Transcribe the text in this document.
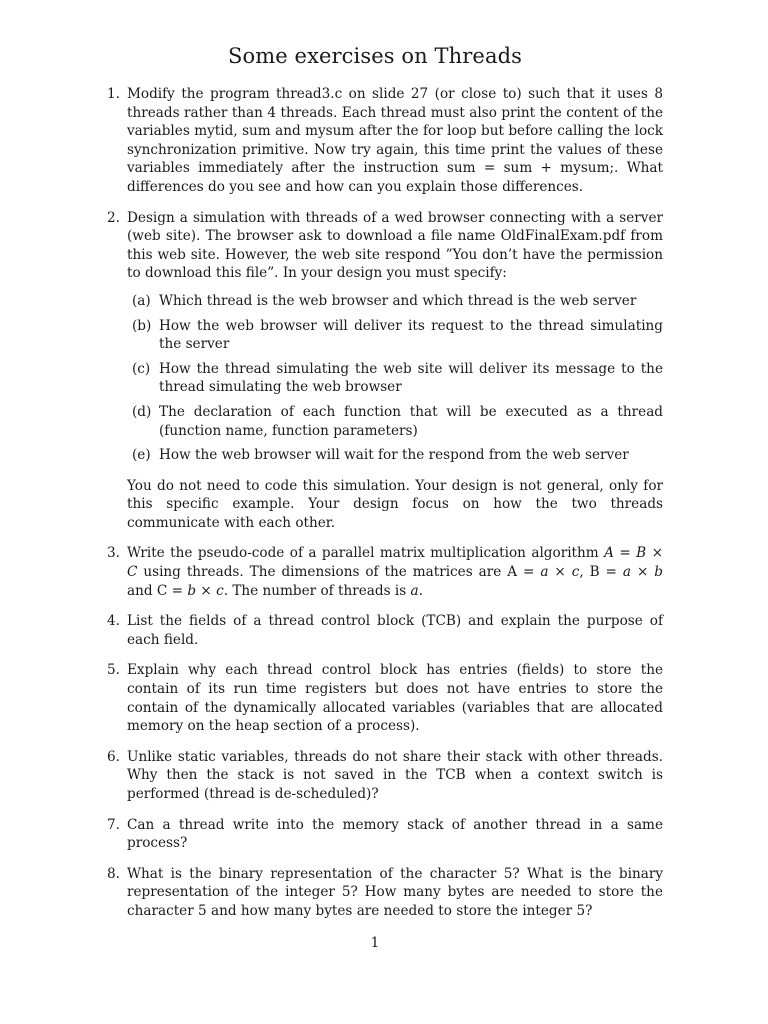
Some exercises on Threads
1. Modify the program thread3.c on slide 27 (or close to) such that it uses 8 threads rather than 4 threads. Each thread must also print the content of the variables mytid, sum and mysum after the for loop but before calling the lock synchronization primitive. Now try again, this time print the values of these variables immediately after the instruction sum = sum + mysum;. What differences do you see and how can you explain those differences.
2. Design a simulation with threads of a wed browser connecting with a server (web site). The browser ask to download a file name OldFinalExam.pdf from this web site. However, the web site respond ”You don’t have the permission to download this file”. In your design you must specify:
(a) Which thread is the web browser and which thread is the web server
(b) How the web browser will deliver its request to the thread simulating the server
(c) How the thread simulating the web site will deliver its message to the thread simulating the web browser
(d) The declaration of each function that will be executed as a thread (function name, function parameters)
(e) How the web browser will wait for the respond from the web server
You do not need to code this simulation. Your design is not general, only for this specific example. Your design focus on how the two threads communicate with each other.
3. Write the pseudo-code of a parallel matrix multiplication algorithm A = B × C using threads. The dimensions of the matrices are A = a × c, B = a × b and C = b × c. The number of threads is a.
4. List the fields of a thread control block (TCB) and explain the purpose of each field.
5. Explain why each thread control block has entries (fields) to store the contain of its run time registers but does not have entries to store the contain of the dynamically allocated variables (variables that are allocated memory on the heap section of a process).
6. Unlike static variables, threads do not share their stack with other threads. Why then the stack is not saved in the TCB when a context switch is performed (thread is de-scheduled)?
7. Can a thread write into the memory stack of another thread in a same process?
8. What is the binary representation of the character 5? What is the binary representation of the integer 5? How many bytes are needed to store the character 5 and how many bytes are needed to store the integer 5?
1
